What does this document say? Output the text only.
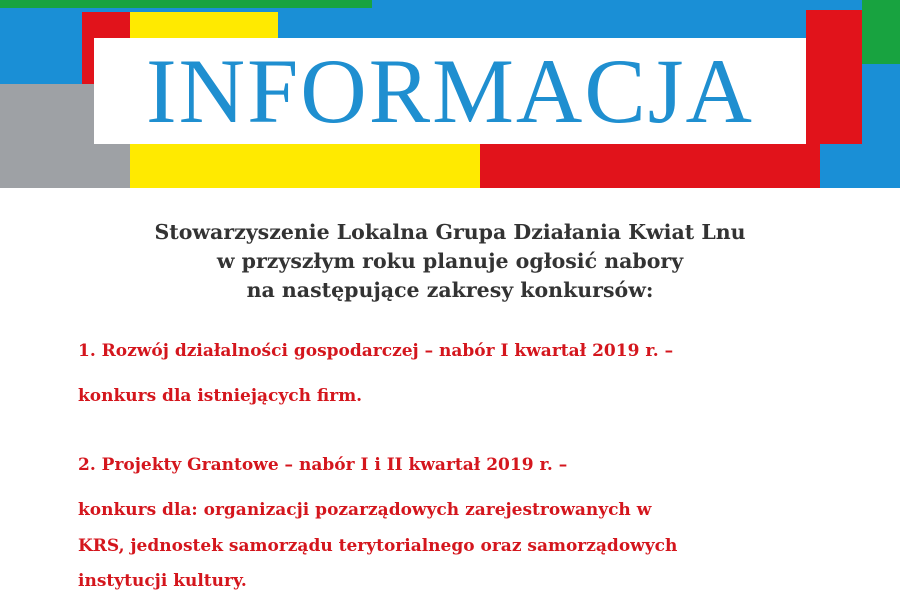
INFORMACJA
Stowarzyszenie Lokalna Grupa Działania Kwiat Lnu
w przyszłym roku planuje ogłosić nabory
na następujące zakresy konkursów:
1. Rozwój działalności gospodarczej – nabór I kwartał 2019 r. –
konkurs dla istniejących firm.
2. Projekty Grantowe – nabór I i II kwartał 2019 r. –
konkurs dla: organizacji pozarządowych zarejestrowanych w
KRS, jednostek samorządu terytorialnego oraz samorządowych
instytucji kultury.
